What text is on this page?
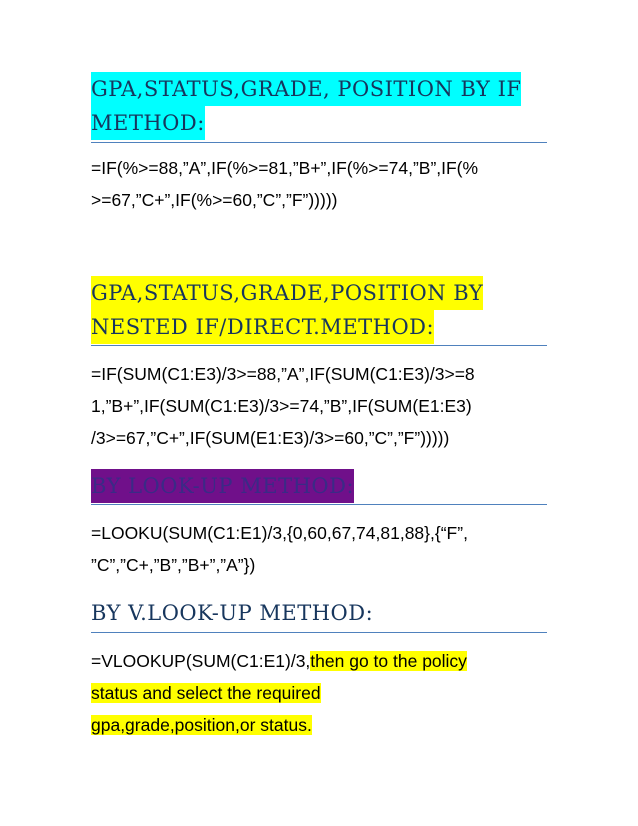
GPA,STATUS,GRADE, POSITION BY IF
METHOD:
=IF(%>=88,”A”,IF(%>=81,”B+”,IF(%>=74,”B”,IF(%
>=67,”C+”,IF(%>=60,”C”,”F”)))))
GPA,STATUS,GRADE,POSITION BY
NESTED IF/DIRECT.METHOD:
=IF(SUM(C1:E3)/3>=88,”A”,IF(SUM(C1:E3)/3>=8
1,”B+”,IF(SUM(C1:E3)/3>=74,”B”,IF(SUM(E1:E3)
/3>=67,”C+”,IF(SUM(E1:E3)/3>=60,”C”,”F”)))))
BY LOOK-UP METHOD:
=LOOKU(SUM(C1:E1)/3,{0,60,67,74,81,88},{“F”,
”C”,”C+,”B”,”B+”,”A”})
BY V.LOOK-UP METHOD:
=VLOOKUP(SUM(C1:E1)/3,then go to the policy
status and select the required
gpa,grade,position,or status.
